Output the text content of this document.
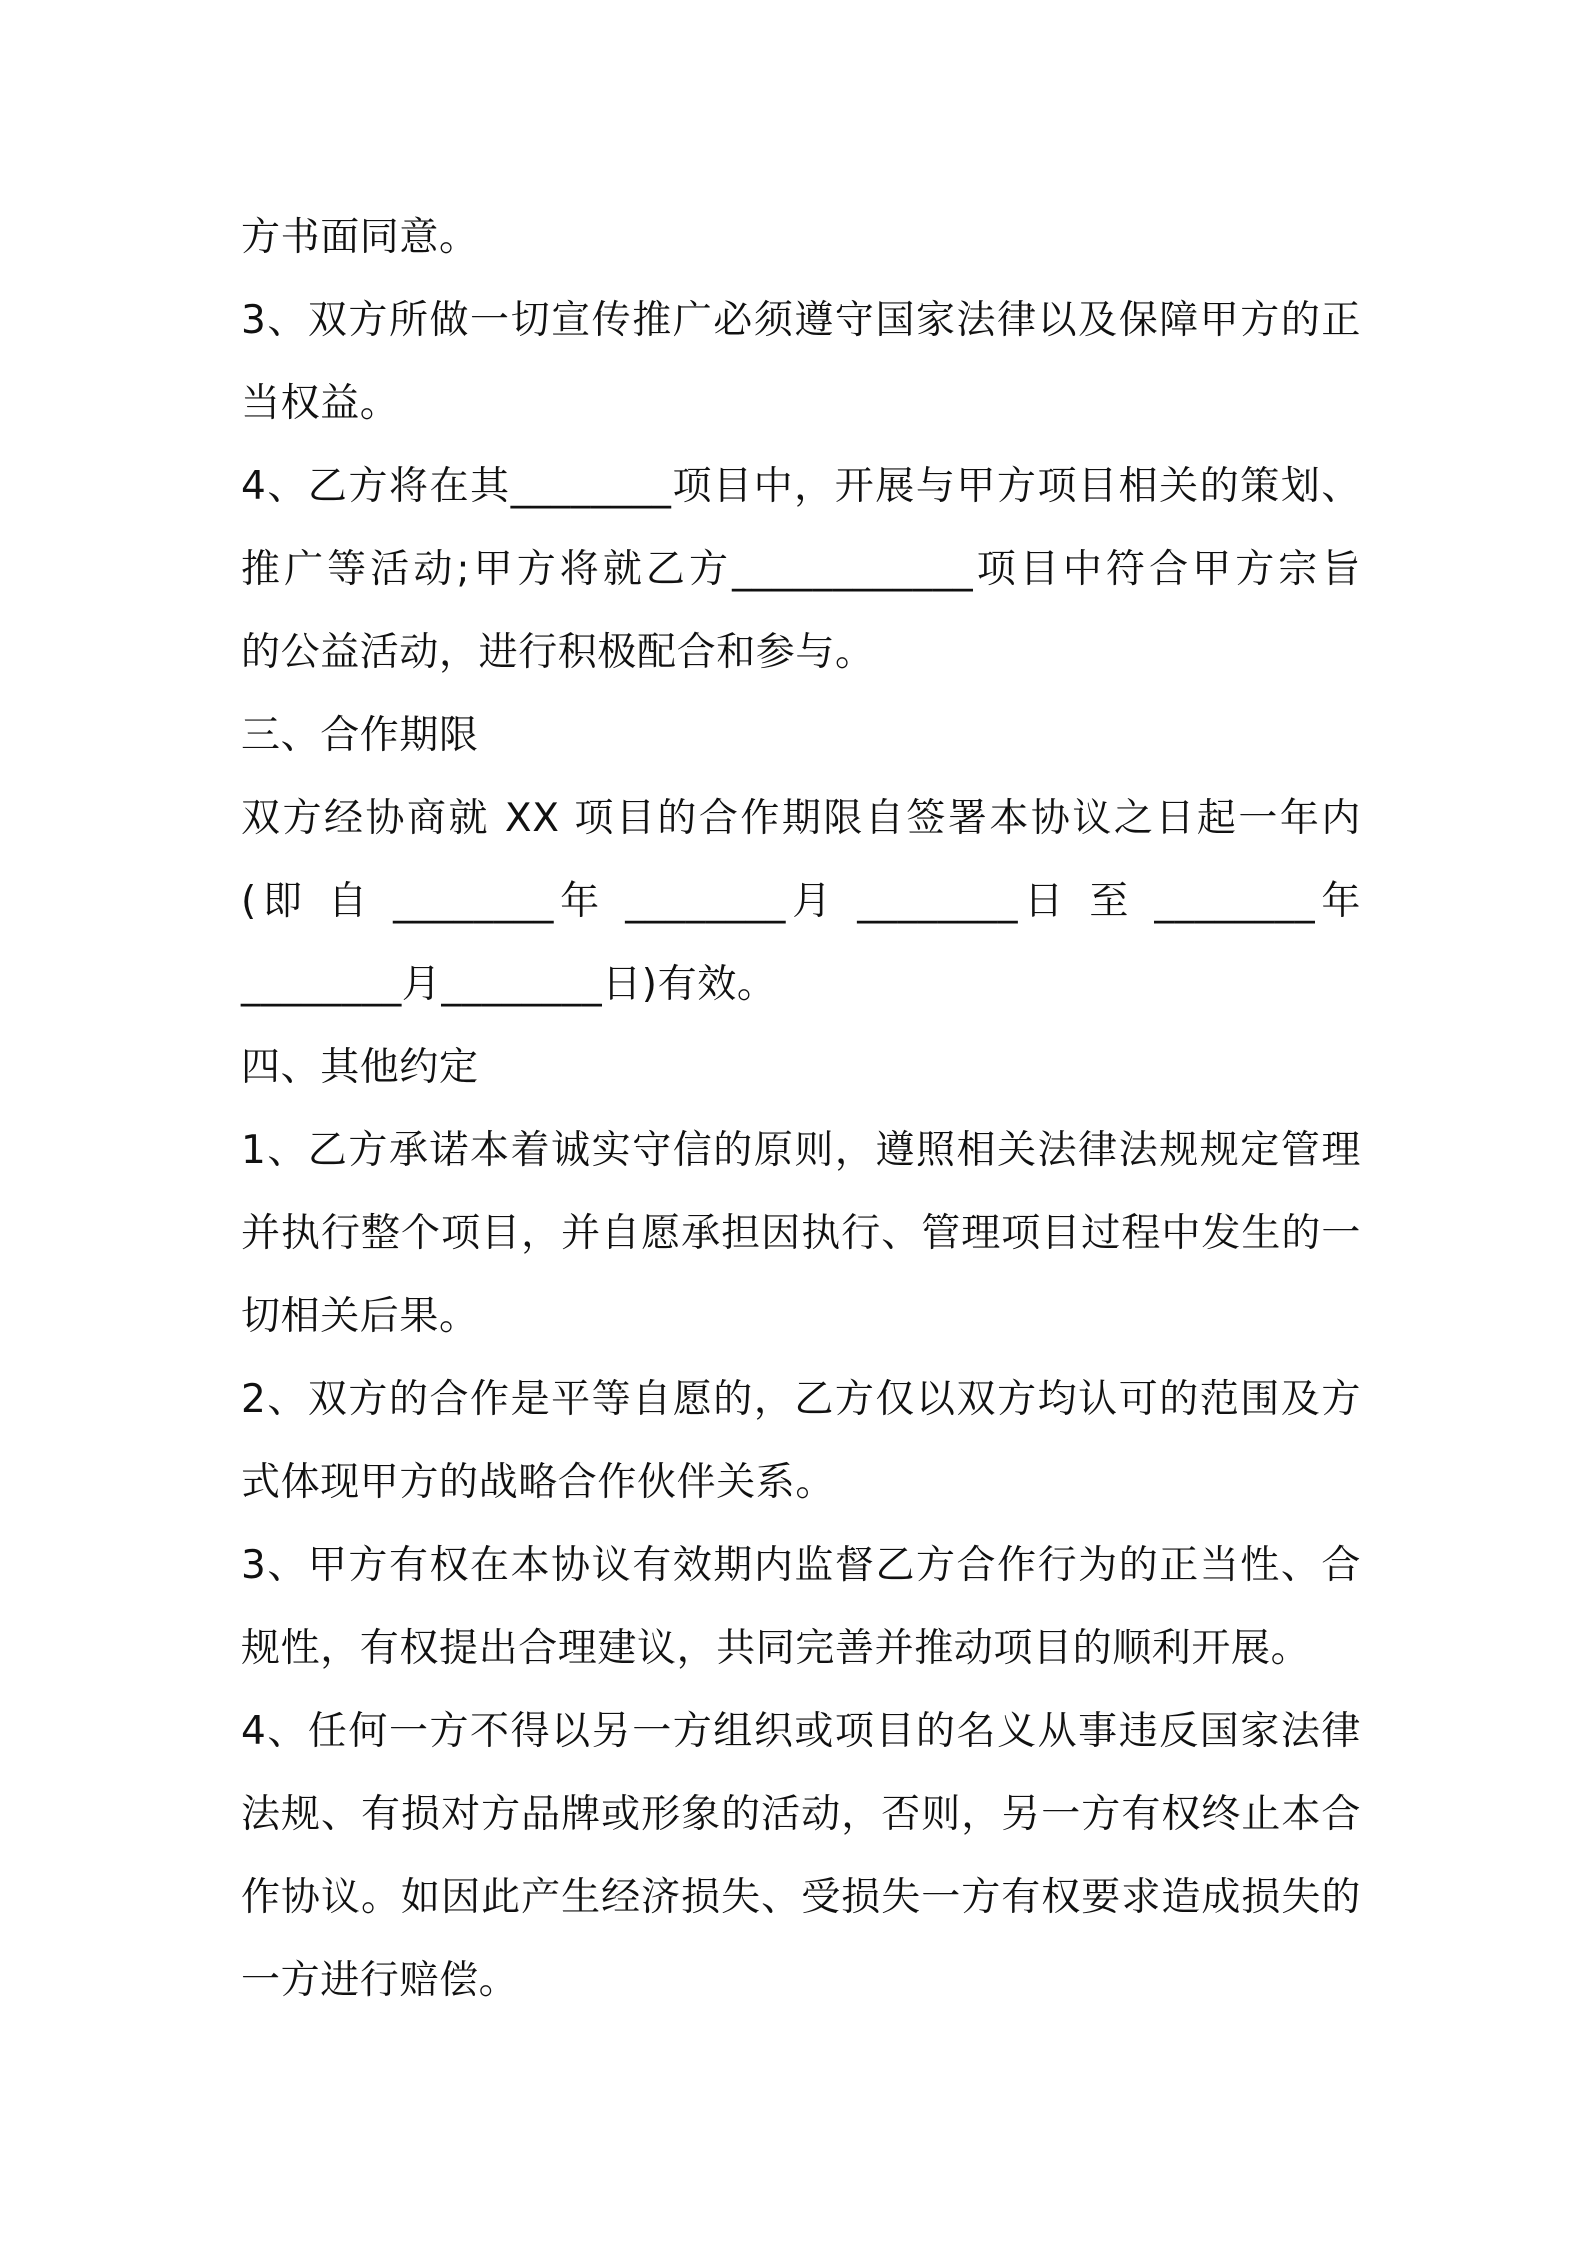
方书面同意。
3、双方所做一切宣传推广必须遵守国家法律以及保障甲方的正
当权益。
4、乙方将在其________项目中，开展与甲方项目相关的策划、
推广等活动;甲方将就乙方____________项目中符合甲方宗旨
的公益活动，进行积极配合和参与。
三、合作期限
双方经协商就 XX 项目的合作期限自签署本协议之日起一年内
(即 自 ________年 ________月 ________日 至 ________年
________月________日)有效。
四、其他约定
1、乙方承诺本着诚实守信的原则，遵照相关法律法规规定管理
并执行整个项目，并自愿承担因执行、管理项目过程中发生的一
切相关后果。
2、双方的合作是平等自愿的，乙方仅以双方均认可的范围及方
式体现甲方的战略合作伙伴关系。
3、甲方有权在本协议有效期内监督乙方合作行为的正当性、合
规性，有权提出合理建议，共同完善并推动项目的顺利开展。
4、任何一方不得以另一方组织或项目的名义从事违反国家法律
法规、有损对方品牌或形象的活动，否则，另一方有权终止本合
作协议。如因此产生经济损失、受损失一方有权要求造成损失的
一方进行赔偿。
